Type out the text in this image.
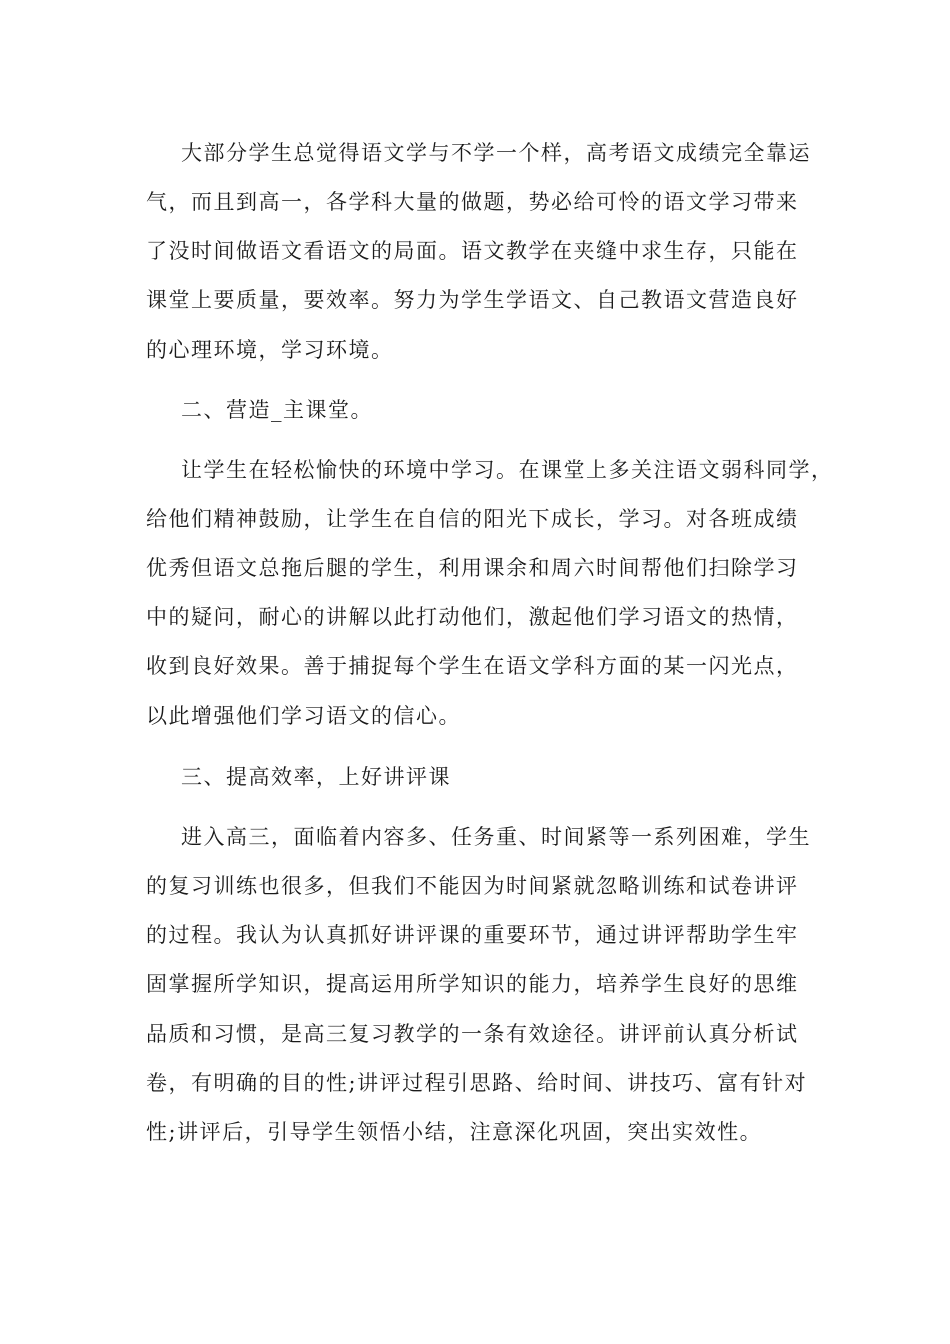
大部分学生总觉得语文学与不学一个样，高考语文成绩完全靠运
气，而且到高一，各学科大量的做题，势必给可怜的语文学习带来
了没时间做语文看语文的局面。语文教学在夹缝中求生存，只能在
课堂上要质量，要效率。努力为学生学语文、自己教语文营造良好
的心理环境，学习环境。
二、营造_主课堂。
让学生在轻松愉快的环境中学习。在课堂上多关注语文弱科同学，
给他们精神鼓励，让学生在自信的阳光下成长，学习。对各班成绩
优秀但语文总拖后腿的学生，利用课余和周六时间帮他们扫除学习
中的疑问，耐心的讲解以此打动他们，激起他们学习语文的热情，
收到良好效果。善于捕捉每个学生在语文学科方面的某一闪光点，
以此增强他们学习语文的信心。
三、提高效率，上好讲评课
进入高三，面临着内容多、任务重、时间紧等一系列困难，学生
的复习训练也很多，但我们不能因为时间紧就忽略训练和试卷讲评
的过程。我认为认真抓好讲评课的重要环节，通过讲评帮助学生牢
固掌握所学知识，提高运用所学知识的能力，培养学生良好的思维
品质和习惯，是高三复习教学的一条有效途径。讲评前认真分析试
卷，有明确的目的性;讲评过程引思路、给时间、讲技巧、富有针对
性;讲评后，引导学生领悟小结，注意深化巩固，突出实效性。
